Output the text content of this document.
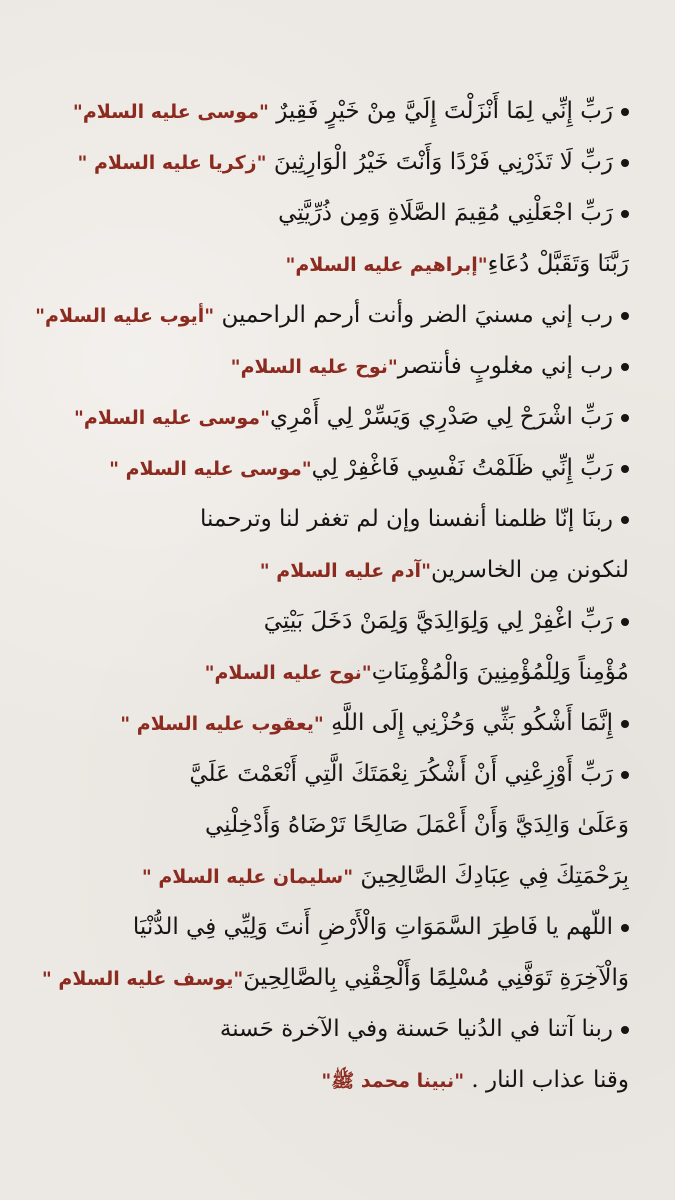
رَبِّ إِنِّي لِمَا أَنْزَلْتَ إِلَيَّ مِنْ خَيْرٍ فَقِيرٌ "موسى عليه السلام"
رَبِّ لَا تَذَرْنِي فَرْدًا وَأَنْتَ خَيْرُ الْوَارِثِينَ "زكريا عليه السلام "
رَبِّ اجْعَلْنِي مُقِيمَ الصَّلَاةِ وَمِن ذُرِّيَّتِي
رَبَّنَا وَتَقَبَّلْ دُعَاءِ"إبراهيم عليه السلام"
رب إني مسنيَ الضر وأنت أرحم الراحمين "أيوب عليه السلام"
رب إني مغلوبٍ فأنتصر"نوح عليه السلام"
رَبِّ اشْرَحْ لِي صَدْرِي وَيَسِّرْ لِي أَمْرِي"موسى عليه السلام"
رَبِّ إِنِّي ظَلَمْتُ نَفْسِي فَاغْفِرْ لِي"موسى عليه السلام "
ربنَا إنّا ظلمنا أنفسنا وإن لم تغفر لنا وترحمنا
لنكونن مِن الخاسرين"آدم عليه السلام "
رَبِّ اغْفِرْ لِي وَلِوَالِدَيَّ وَلِمَنْ دَخَلَ بَيْتِيَ
مُؤْمِناً وَلِلْمُؤْمِنِينَ وَالْمُؤْمِنَاتِ"نوح عليه السلام"
إِنَّمَا أَشْكُو بَثِّي وَحُزْنِي إِلَى اللَّهِ "يعقوب عليه السلام "
رَبِّ أَوْزِعْنِي أَنْ أَشْكُرَ نِعْمَتَكَ الَّتِي أَنْعَمْتَ عَلَيَّ
وَعَلَىٰ وَالِدَيَّ وَأَنْ أَعْمَلَ صَالِحًا تَرْضَاهُ وَأَدْخِلْنِي
بِرَحْمَتِكَ فِي عِبَادِكَ الصَّالِحِينَ "سليمان عليه السلام "
اللّهم يا فَاطِرَ السَّمَوَاتِ وَالْأَرْضِ أَنتَ وَلِيِّي فِي الدُّنْيَا
وَالْآخِرَةِ تَوَفَّنِي مُسْلِمًا وَأَلْحِقْنِي بِالصَّالِحِينَ"يوسف عليه السلام "
ربنا آتنا في الدُنيا حَسنة وفي الآخرة حَسنة
وقنا عذاب النار . "نبينا محمد ﷺ"
